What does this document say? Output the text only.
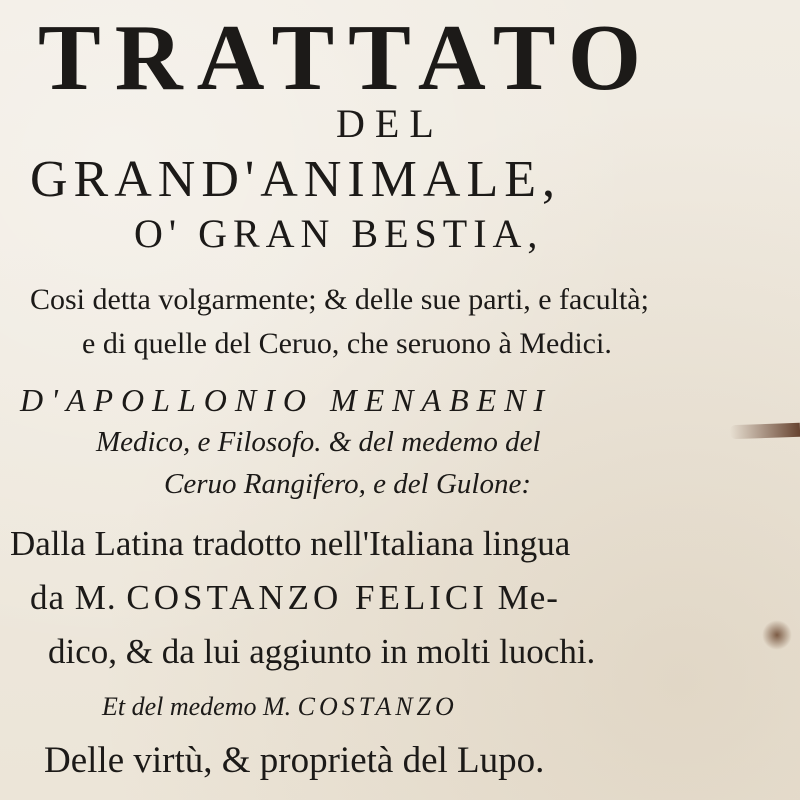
TRATTATO
DEL
GRAND'ANIMALE,
O' GRAN BESTIA,
Cosi detta volgarmente; & delle sue parti, e facultà;
e di quelle del Ceruo, che seruono à Medici.
D'APOLLONIO MENABENI
Medico, e Filosofo. & del medemo del
Ceruo Rangifero, e del Gulone:
Dalla Latina tradotto nell'Italiana lingua
da M. COSTANZO FELICI Me-
dico, & da lui aggiunto in molti luochi.
Et del medemo M. COSTANZO
Delle virtù, & proprietà del Lupo.
